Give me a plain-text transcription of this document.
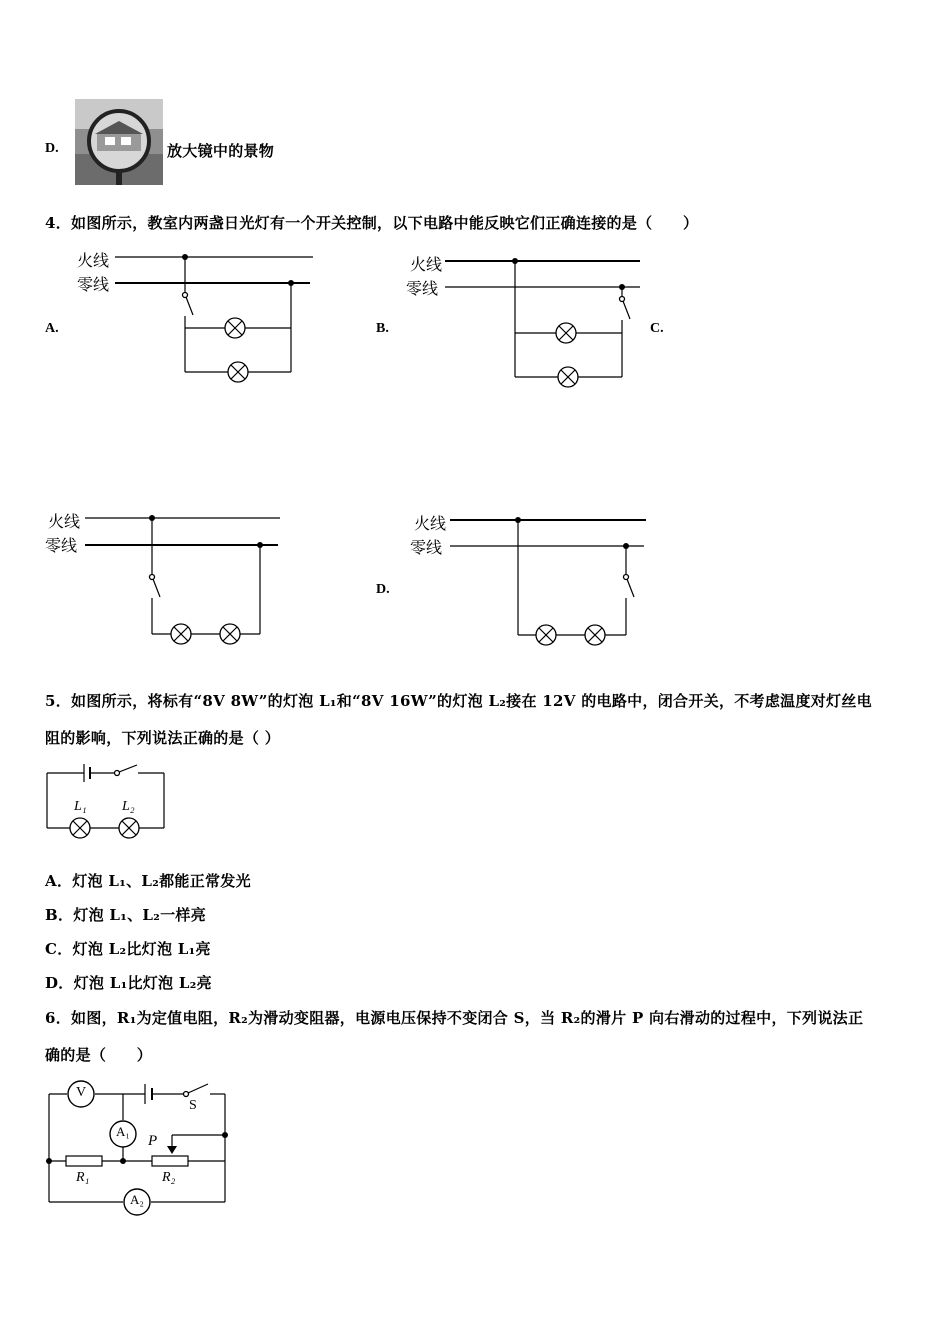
D.	放大镜中的景物
4．如图所示，教室内两盏日光灯有一个开关控制，以下电路中能反映它们正确连接的是（　　）
火线
零线
A.
火线
零线
B.	C.
火线
零线
火线
零线
D.
5．如图所示，将标有“8V 8W”的灯泡 L₁和“8V 16W”的灯泡 L₂接在 12V 的电路中，闭合开关，不考虑温度对灯丝电
阻的影响，下列说法正确的是（ ）
L₁	L₂
A．灯泡 L₁、L₂都能正常发光
B．灯泡 L₁、L₂一样亮
C．灯泡 L₂比灯泡 L₁亮
D．灯泡 L₁比灯泡 L₂亮
6．如图，R₁为定值电阻，R₂为滑动变阻器，电源电压保持不变闭合 S，当 R₂的滑片 P 向右滑动的过程中，下列说法正
确的是（　　）
V
A₁
A₂
S
P
R₁	R₂
